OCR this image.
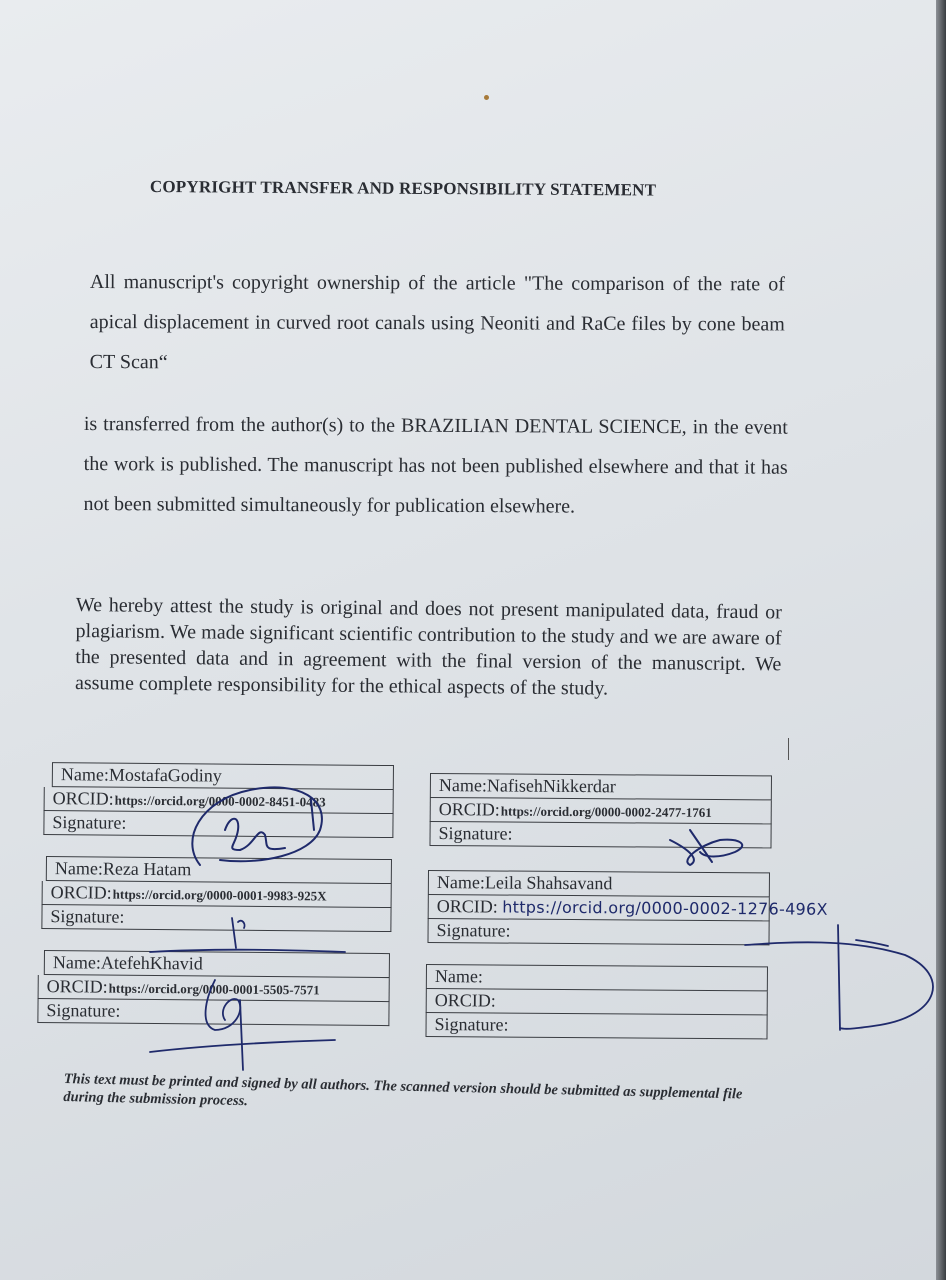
COPYRIGHT TRANSFER AND RESPONSIBILITY STATEMENT
All manuscript's copyright ownership of the article "The comparison of the rate of apical displacement in curved root canals using Neoniti and RaCe files by cone beam CT Scan“
is transferred from the author(s) to the BRAZILIAN DENTAL SCIENCE, in the event the work is published. The manuscript has not been published elsewhere and that it has not been submitted simultaneously for publication elsewhere.
We hereby attest the study is original and does not present manipulated data, fraud or plagiarism. We made significant scientific contribution to the study and we are aware of the presented data and in agreement with the final version of the manuscript. We assume complete responsibility for the ethical aspects of the study.
Name:MostafaGodiny
ORCID:https://orcid.org/0000-0002-8451-0483
Signature:
Name:Reza Hatam
ORCID:https://orcid.org/0000-0001-9983-925X
Signature:
Name:AtefehKhavid
ORCID:https://orcid.org/0000-0001-5505-7571
Signature:
Name:NafisehNikkerdar
ORCID:https://orcid.org/0000-0002-2477-1761
Signature:
Name:Leila Shahsavand
ORCID: https://orcid.org/0000-0002-1276-496X
Signature:
Name:
ORCID:
Signature:
This text must be printed and signed by all authors. The scanned version should be submitted as supplemental file during the submission process.
